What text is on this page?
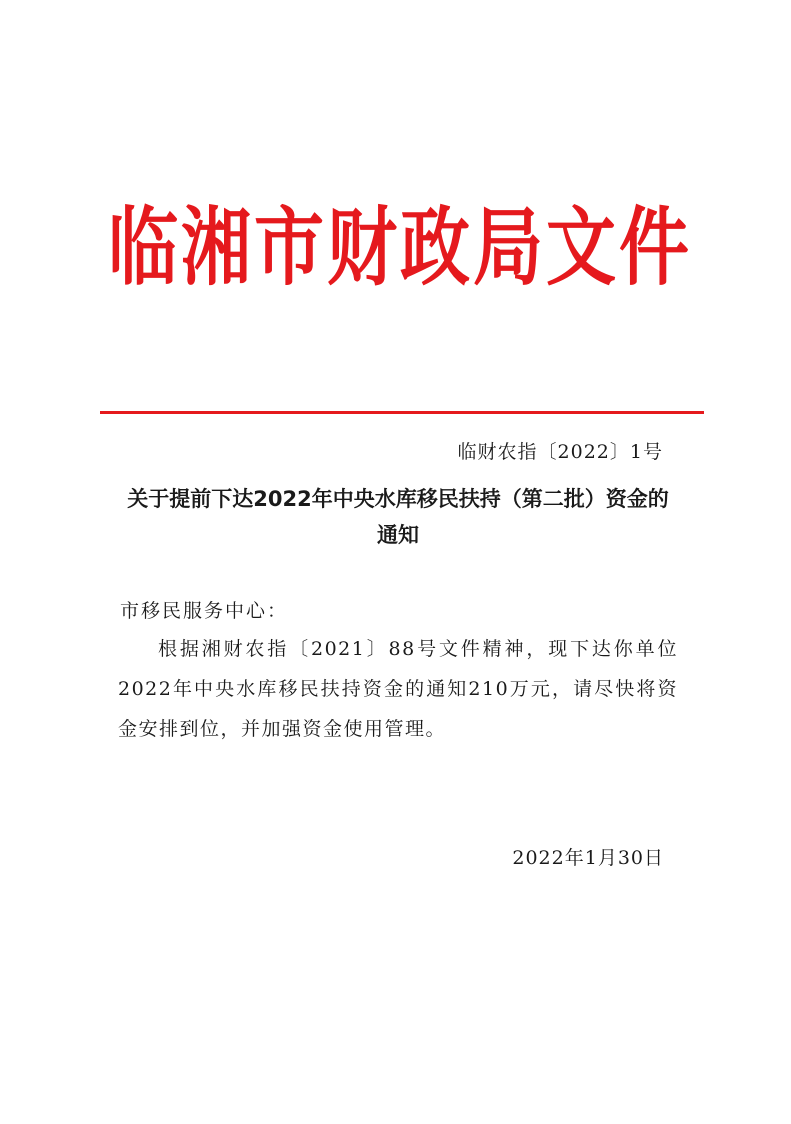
临湘市财政局文件
临财农指〔2022〕1号
关于提前下达2022年中央水库移民扶持（第二批）资金的通知
市移民服务中心：
根据湘财农指〔2021〕88号文件精神，现下达你单位2022年中央水库移民扶持资金的通知210万元，请尽快将资金安排到位，并加强资金使用管理。
2022年1月30日
